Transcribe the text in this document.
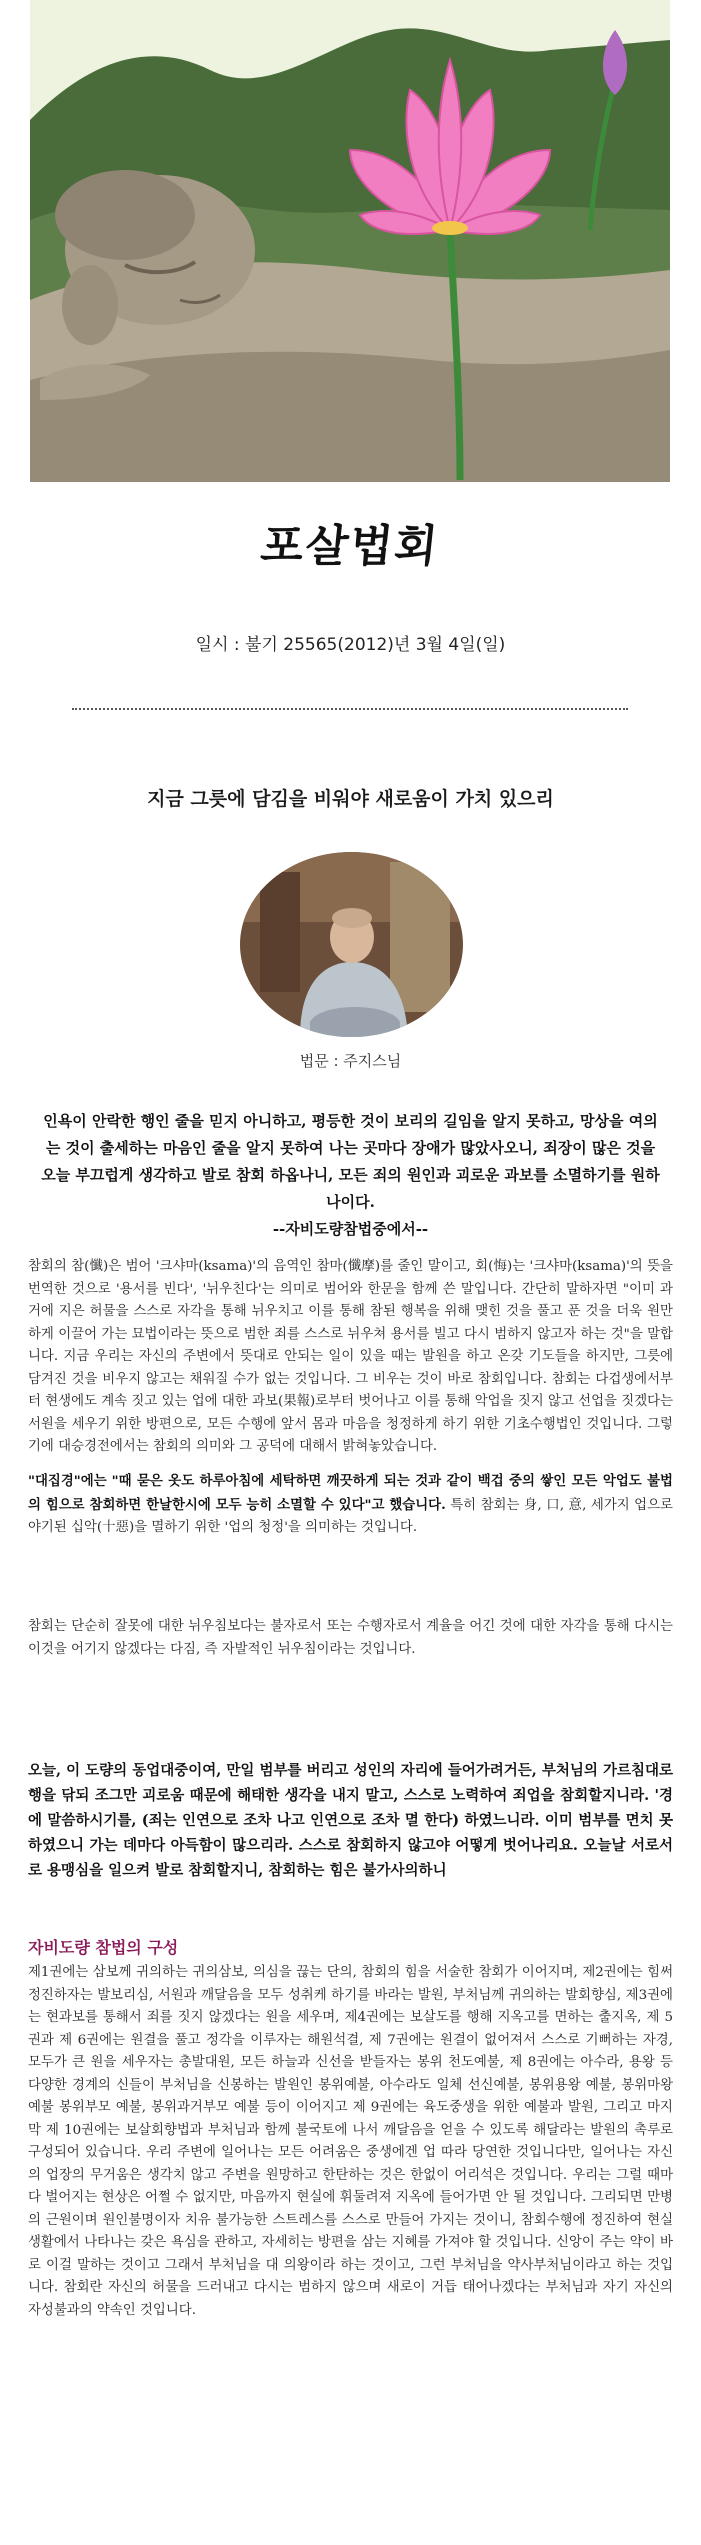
포살법회
일시 : 불기 25565(2012)년 3월 4일(일)
지금 그릇에 담김을 비워야 새로움이 가치 있으리
법문 : 주지스님
인욕이 안락한 행인 줄을 믿지 아니하고, 평등한 것이 보리의 길임을 알지 못하고, 망상을 여의는 것이 출세하는 마음인 줄을 알지 못하여 나는 곳마다 장애가 많았사오니, 죄장이 많은 것을 오늘 부끄럽게 생각하고 발로 참회 하옵나니, 모든 죄의 원인과 괴로운 과보를 소멸하기를 원하나이다.
--자비도량참법중에서--
참회의 참(懺)은 범어 '크샤마(ksama)'의 음역인 참마(懺摩)를 줄인 말이고, 회(悔)는 '크샤마(ksama)'의 뜻을 번역한 것으로 '용서를 빈다', '뉘우친다'는 의미로 범어와 한문을 함께 쓴 말입니다. 간단히 말하자면 "이미 과거에 지은 허물을 스스로 자각을 통해 뉘우치고 이를 통해 참된 행복을 위해 맺힌 것을 풀고 푼 것을 더욱 원만하게 이끌어 가는 묘법이라는 뜻으로 범한 죄를 스스로 뉘우쳐 용서를 빌고 다시 범하지 않고자 하는 것"을 말합니다. 지금 우리는 자신의 주변에서 뜻대로 안되는 일이 있을 때는 발원을 하고 온갖 기도들을 하지만, 그릇에 담겨진 것을 비우지 않고는 채워질 수가 없는 것입니다. 그 비우는 것이 바로 참회입니다. 참회는 다겁생에서부터 현생에도 계속 짓고 있는 업에 대한 과보(果報)로부터 벗어나고 이를 통해 악업을 짓지 않고 선업을 짓겠다는 서원을 세우기 위한 방편으로, 모든 수행에 앞서 몸과 마음을 청정하게 하기 위한 기초수행법인 것입니다. 그렇기에 대승경전에서는 참회의 의미와 그 공덕에 대해서 밝혀놓았습니다.
"대집경"에는 "때 묻은 옷도 하루아침에 세탁하면 깨끗하게 되는 것과 같이 백겁 중의 쌓인 모든 악업도 불법의 힘으로 참회하면 한날한시에 모두 능히 소멸할 수 있다"고 했습니다. 특히 참회는 身, 口, 意, 세가지 업으로 야기된 십악(十惡)을 멸하기 위한 '업의 청정'을 의미하는 것입니다.
참회는 단순히 잘못에 대한 뉘우침보다는 불자로서 또는 수행자로서 계율을 어긴 것에 대한 자각을 통해 다시는 이것을 어기지 않겠다는 다짐, 즉 자발적인 뉘우침이라는 것입니다.
오늘, 이 도량의 동업대중이여, 만일 범부를 버리고 성인의 자리에 들어가려거든, 부처님의 가르침대로 행을 닦되 조그만 괴로움 때문에 해태한 생각을 내지 말고, 스스로 노력하여 죄업을 참회할지니라. '경에 말씀하시기를, (죄는 인연으로 조차 나고 인연으로 조차 멸 한다) 하였느니라. 이미 범부를 면치 못하였으니 가는 데마다 아득함이 많으리라. 스스로 참회하지 않고야 어떻게 벗어나리요. 오늘날 서로서로 용맹심을 일으켜 발로 참회할지니, 참회하는 힘은 불가사의하니
자비도량 참법의 구성
제1권에는 삼보께 귀의하는 귀의삼보, 의심을 끊는 단의, 참회의 힘을 서술한 참회가 이어지며, 제2권에는 힘써 정진하자는 발보리심, 서원과 깨달음을 모두 성취케 하기를 바라는 발원, 부처님께 귀의하는 발회향심, 제3권에는 현과보를 통해서 죄를 짓지 않겠다는 원을 세우며, 제4권에는 보살도를 행해 지옥고를 면하는 출지옥, 제 5권과 제 6권에는 원결을 풀고 정각을 이루자는 해원석결, 제 7권에는 원결이 없어져서 스스로 기뻐하는 자경, 모두가 큰 원을 세우자는 총발대원, 모든 하늘과 신선을 받들자는 봉위 천도예불, 제 8권에는 아수라, 용왕 등 다양한 경계의 신들이 부처님을 신봉하는 발원인 봉위예불, 아수라도 일체 선신예불, 봉위용왕 예불, 봉위마왕 예불 봉위부모 예불, 봉위과거부모 예불 등이 이어지고 제 9권에는 육도중생을 위한 예불과 발원, 그리고 마지막 제 10권에는 보살회향법과 부처님과 함께 불국토에 나서 깨달음을 얻을 수 있도록 해달라는 발원의 촉루로 구성되어 있습니다. 우리 주변에 일어나는 모든 어려움은 중생에겐 업 따라 당연한 것입니다만, 일어나는 자신의 업장의 무거움은 생각치 않고 주변을 원망하고 한탄하는 것은 한없이 어리석은 것입니다. 우리는 그럴 때마다 벌어지는 현상은 어쩔 수 없지만, 마음까지 현실에 휘둘려져 지옥에 들어가면 안 될 것입니다. 그리되면 만병의 근원이며 원인불명이자 치유 불가능한 스트레스를 스스로 만들어 가지는 것이니, 참회수행에 정진하여 현실생활에서 나타나는 갖은 욕심을 관하고, 자세히는 방편을 삼는 지혜를 가져야 할 것입니다. 신앙이 주는 약이 바로 이걸 말하는 것이고 그래서 부처님을 대 의왕이라 하는 것이고, 그런 부처님을 약사부처님이라고 하는 것입니다. 참회란 자신의 허물을 드러내고 다시는 범하지 않으며 새로이 거듭 태어나겠다는 부처님과 자기 자신의 자성불과의 약속인 것입니다.
